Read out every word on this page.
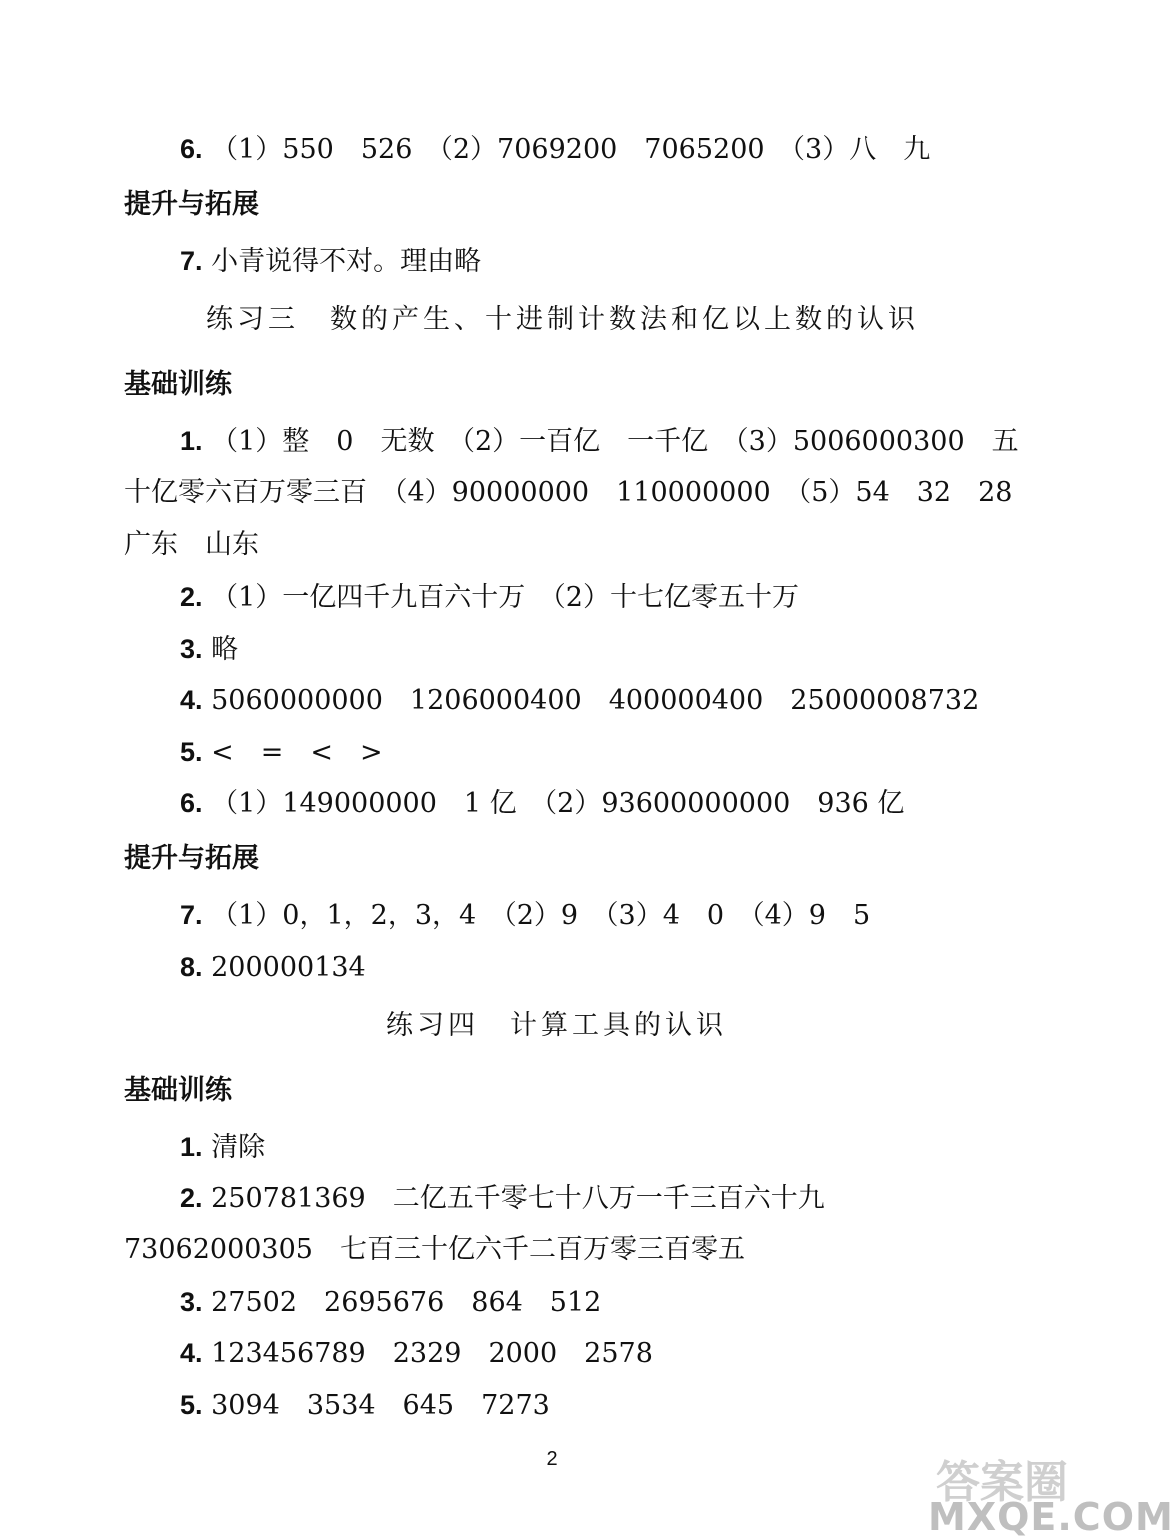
6. （1）550　526　（2）7069200　7065200　（3）八　九
提升与拓展
7. 小青说得不对。理由略
练习三　数的产生、十进制计数法和亿以上数的认识
基础训练
1. （1）整　0　无数　（2）一百亿　一千亿　（3）5006000300　五
十亿零六百万零三百　（4）90000000　110000000　（5）54　32　28
广东　山东
2. （1）一亿四千九百六十万　（2）十七亿零五十万
3. 略
4. 5060000000　1206000400　400000400　25000008732
5. <　=　<　>
6. （1）149000000　1 亿　（2）93600000000　936 亿
提升与拓展
7. （1）0，1，2，3，4　（2）9　（3）4　0　（4）9　5
8. 200000134
练习四　计算工具的认识
基础训练
1. 清除
2. 250781369　二亿五千零七十八万一千三百六十九
73062000305　七百三十亿六千二百万零三百零五
3. 27502　2695676　864　512
4. 123456789　2329　2000　2578
5. 3094　3534　645　7273
2	答案圈
MXQE.COM
